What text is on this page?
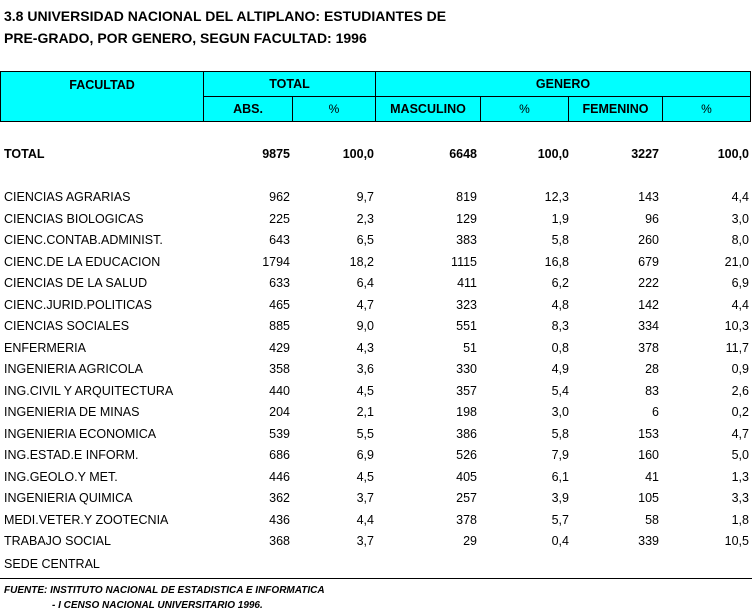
3.8 UNIVERSIDAD NACIONAL DEL ALTIPLANO: ESTUDIANTES DE
PRE-GRADO, POR GENERO, SEGUN FACULTAD: 1996
FACULTAD	TOTAL	GENERO
ABS.	%	MASCULINO	%	FEMENINO	%
TOTAL	9875	100,0	6648	100,0	3227	100,0
CIENCIAS AGRARIAS	962	9,7	819	12,3	143	4,4
CIENCIAS BIOLOGICAS	225	2,3	129	1,9	96	3,0
CIENC.CONTAB.ADMINIST.	643	6,5	383	5,8	260	8,0
CIENC.DE LA EDUCACION	1794	18,2	1115	16,8	679	21,0
CIENCIAS DE LA SALUD	633	6,4	411	6,2	222	6,9
CIENC.JURID.POLITICAS	465	4,7	323	4,8	142	4,4
CIENCIAS SOCIALES	885	9,0	551	8,3	334	10,3
ENFERMERIA	429	4,3	51	0,8	378	11,7
INGENIERIA AGRICOLA	358	3,6	330	4,9	28	0,9
ING.CIVIL Y ARQUITECTURA	440	4,5	357	5,4	83	2,6
INGENIERIA DE MINAS	204	2,1	198	3,0	6	0,2
INGENIERIA ECONOMICA	539	5,5	386	5,8	153	4,7
ING.ESTAD.E INFORM.	686	6,9	526	7,9	160	5,0
ING.GEOLO.Y MET.	446	4,5	405	6,1	41	1,3
INGENIERIA QUIMICA	362	3,7	257	3,9	105	3,3
MEDI.VETER.Y ZOOTECNIA	436	4,4	378	5,7	58	1,8
TRABAJO SOCIAL	368	3,7	29	0,4	339	10,5
SEDE CENTRAL
FUENTE: INSTITUTO NACIONAL DE ESTADISTICA E INFORMATICA
- I CENSO NACIONAL UNIVERSITARIO 1996.
